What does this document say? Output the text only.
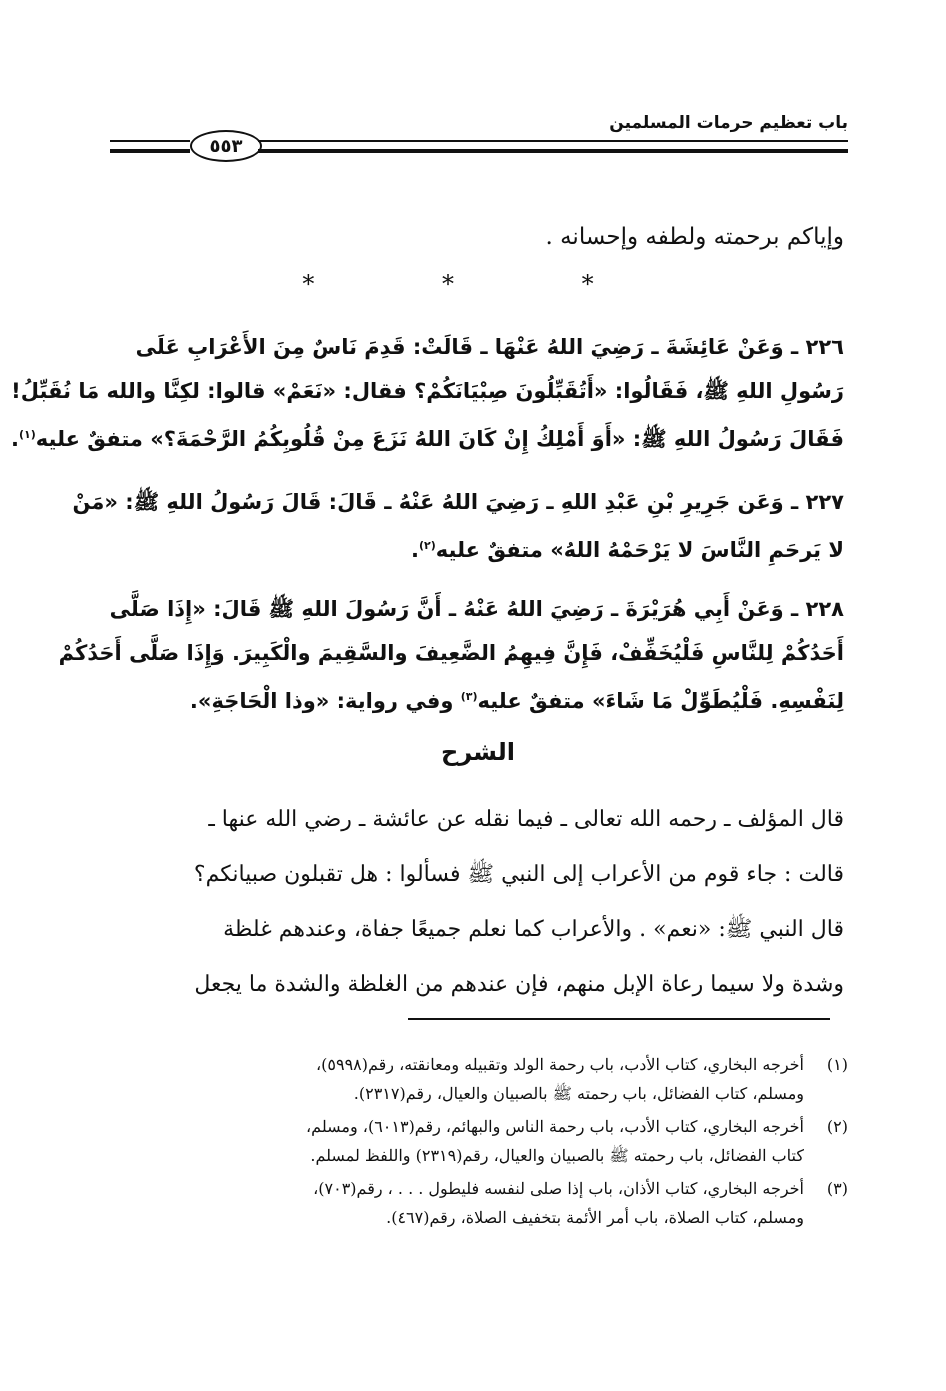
باب تعظيم حرمات المسلمين
٥٥٣
وإياكم برحمته ولطفه وإحسانه .
* * *
٢٢٦ ـ وَعَنْ عَائِشَةَ ـ رَضِيَ اللهُ عَنْهَا ـ قَالَتْ: قَدِمَ نَاسٌ مِنَ الأَعْرَابِ عَلَى
رَسُولِ اللهِ ﷺ، فَقَالُوا: «أَتُقَبِّلُونَ صِبْيَانَكُمْ؟ فقال: «نَعَمْ» قالوا: لكِنَّا والله مَا نُقَبِّلُ!
فَقَالَ رَسُولُ اللهِ ﷺ: «أَوَ أَمْلِكُ إِنْ كَانَ اللهُ نَزَعَ مِنْ قُلُوبِكُمُ الرَّحْمَةَ؟» متفقٌ عليه$^{(١)}$.
٢٢٧ ـ وَعَن جَرِيرِ بْنِ عَبْدِ اللهِ ـ رَضِيَ اللهُ عَنْهُ ـ قَالَ: قَالَ رَسُولُ اللهِ ﷺ: «مَنْ
لا يَرحَمِ النَّاسَ لا يَرْحَمْهُ اللهُ» متفقٌ عليه$^{(٢)}$.
٢٢٨ ـ وَعَنْ أَبِي هُرَيْرَةَ ـ رَضِيَ اللهُ عَنْهُ ـ أَنَّ رَسُولَ اللهِ ﷺ قَالَ: «إِذَا صَلَّى
أَحَدُكُمْ لِلنَّاسِ فَلْيُخَفِّفْ، فَإِنَّ فِيهِمُ الضَّعِيفَ والسَّقِيمَ والْكَبِيرَ. وَإِذَا صَلَّى أَحَدُكُمْ
لِنَفْسِهِ. فَلْيُطَوِّلْ مَا شَاءَ» متفقٌ عليه$^{(٣)}$ وفي رواية: «وذا الْحَاجَةِ».
الشرح
قال المؤلف ـ رحمه الله تعالى ـ فيما نقله عن عائشة ـ رضي الله عنها ـ
قالت : جاء قوم من الأعراب إلى النبي ﷺ فسألوا : هل تقبلون صبيانكم؟
قال النبي ﷺ: «نعم» . والأعراب كما نعلم جميعًا جفاة، وعندهم غلظة
وشدة ولا سيما رعاة الإبل منهم، فإن عندهم من الغلظة والشدة ما يجعل
(١)
أخرجه البخاري، كتاب الأدب، باب رحمة الولد وتقبيله ومعانقته، رقم(٥٩٩٨)،
ومسلم، كتاب الفضائل، باب رحمته ﷺ بالصبيان والعيال، رقم(٢٣١٧).
(٢)
أخرجه البخاري، كتاب الأدب، باب رحمة الناس والبهائم، رقم(٦٠١٣)، ومسلم،
كتاب الفضائل، باب رحمته ﷺ بالصبيان والعيال، رقم(٢٣١٩) واللفظ لمسلم.
(٣)
أخرجه البخاري، كتاب الأذان، باب إذا صلى لنفسه فليطول . . . ، رقم(٧٠٣)،
ومسلم، كتاب الصلاة، باب أمر الأئمة بتخفيف الصلاة، رقم(٤٦٧).
